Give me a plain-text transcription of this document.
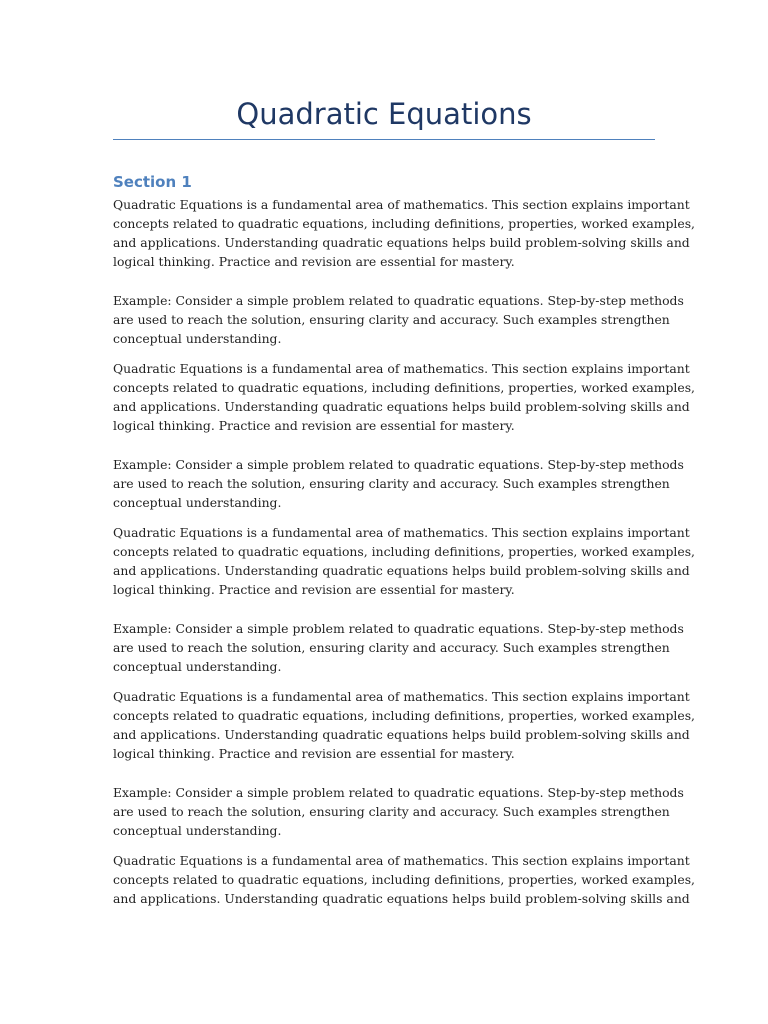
Quadratic Equations
Section 1

Quadratic Equations is a fundamental area of mathematics. This section explains important
concepts related to quadratic equations, including definitions, properties, worked examples,
and applications. Understanding quadratic equations helps build problem-solving skills and
logical thinking. Practice and revision are essential for mastery.

Example: Consider a simple problem related to quadratic equations. Step-by-step methods
are used to reach the solution, ensuring clarity and accuracy. Such examples strengthen
conceptual understanding.

Quadratic Equations is a fundamental area of mathematics. This section explains important
concepts related to quadratic equations, including definitions, properties, worked examples,
and applications. Understanding quadratic equations helps build problem-solving skills and
logical thinking. Practice and revision are essential for mastery.

Example: Consider a simple problem related to quadratic equations. Step-by-step methods
are used to reach the solution, ensuring clarity and accuracy. Such examples strengthen
conceptual understanding.

Quadratic Equations is a fundamental area of mathematics. This section explains important
concepts related to quadratic equations, including definitions, properties, worked examples,
and applications. Understanding quadratic equations helps build problem-solving skills and
logical thinking. Practice and revision are essential for mastery.

Example: Consider a simple problem related to quadratic equations. Step-by-step methods
are used to reach the solution, ensuring clarity and accuracy. Such examples strengthen
conceptual understanding.

Quadratic Equations is a fundamental area of mathematics. This section explains important
concepts related to quadratic equations, including definitions, properties, worked examples,
and applications. Understanding quadratic equations helps build problem-solving skills and
logical thinking. Practice and revision are essential for mastery.

Example: Consider a simple problem related to quadratic equations. Step-by-step methods
are used to reach the solution, ensuring clarity and accuracy. Such examples strengthen
conceptual understanding.

Quadratic Equations is a fundamental area of mathematics. This section explains important
concepts related to quadratic equations, including definitions, properties, worked examples,
and applications. Understanding quadratic equations helps build problem-solving skills and
